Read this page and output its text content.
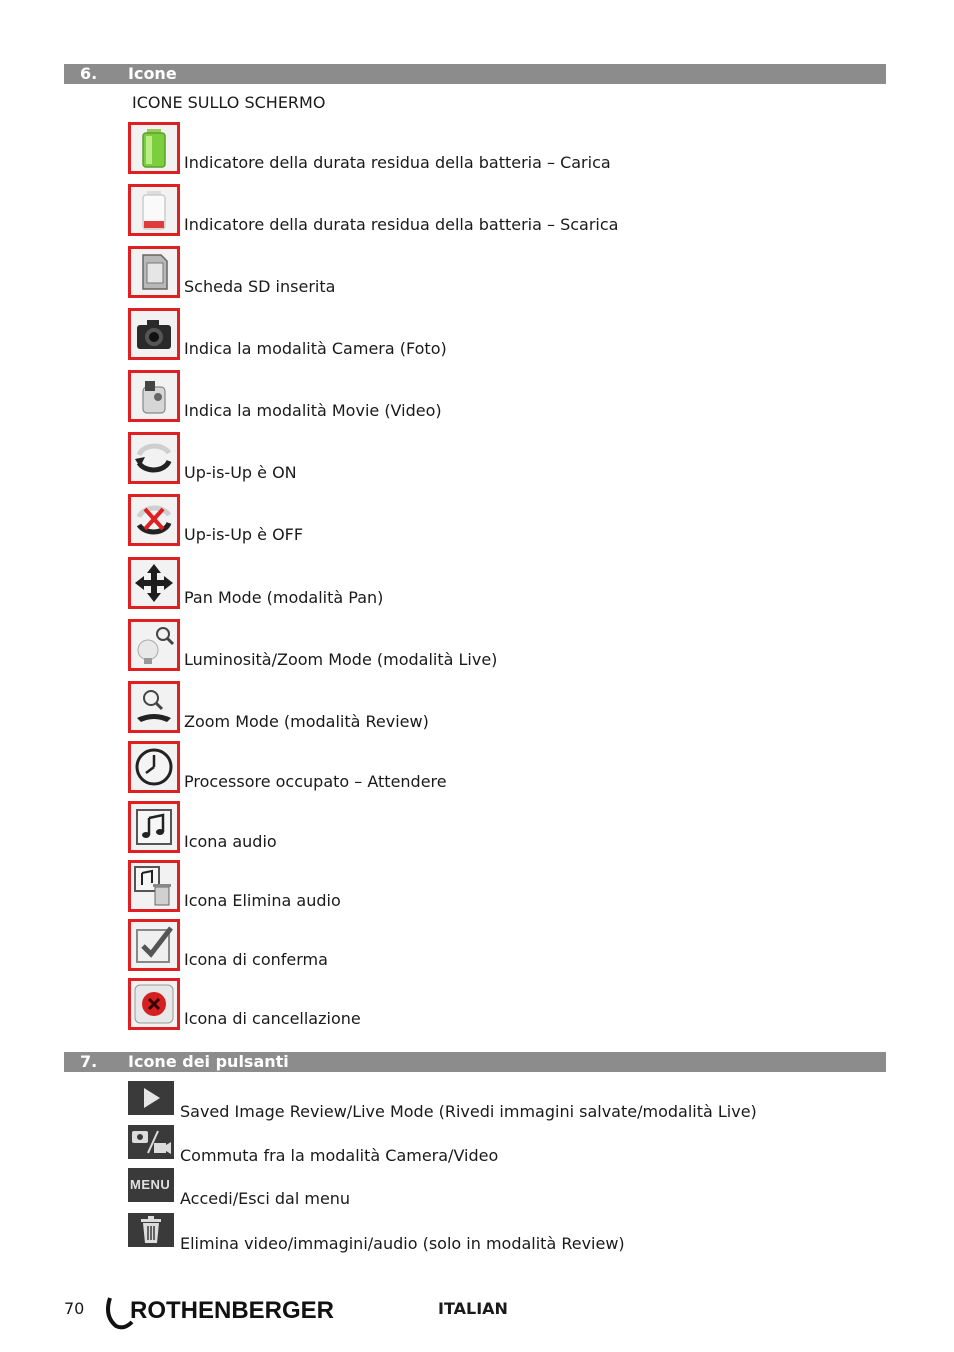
6. Icone
ICONE SULLO SCHERMO
Indicatore della durata residua della batteria – Carica
Indicatore della durata residua della batteria – Scarica
Scheda SD inserita
Indica la modalità Camera (Foto)
Indica la modalità Movie (Video)
Up-is-Up è ON
Up-is-Up è OFF
Pan Mode (modalità Pan)
Luminosità/Zoom Mode (modalità Live)
Zoom Mode (modalità Review)
Processore occupato – Attendere
Icona audio
Icona Elimina audio
Icona di conferma
Icona di cancellazione
7. Icone dei pulsanti
Saved Image Review/Live Mode (Rivedi immagini salvate/modalità Live)
Commuta fra la modalità Camera/Video
MENU
Accedi/Esci dal menu
Elimina video/immagini/audio (solo in modalità Review)
70 ROTHENBERGER	ITALIAN
